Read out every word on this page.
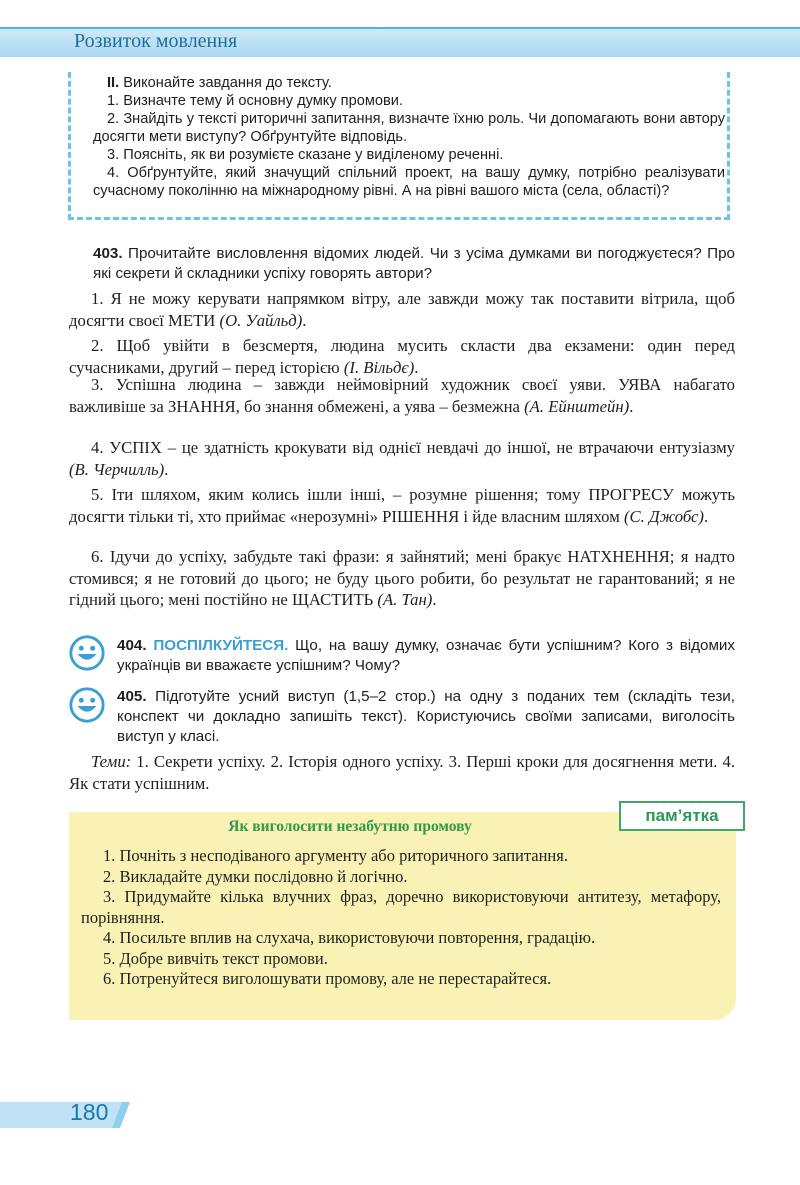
Розвиток мовлення

II. Виконайте завдання до тексту.

1. Визначте тему й основну думку промови.

2. Знайдіть у тексті риторичні запитання, визначте їхню роль. Чи допомагають вони автору досягти мети виступу? Обґрунтуйте відповідь.

3. Поясніть, як ви розумієте сказане у виділеному реченні.

4. Обґрунтуйте, який значущий спільний проект, на вашу думку, потрібно реалізувати сучасному поколінню на міжнародному рівні. А на рівні вашого міста (села, області)?

403. Прочитайте висловлення відомих людей. Чи з усіма думками ви погоджуєтеся? Про які секрети й складники успіху говорять автори?
1. Я не можу керувати напрямком вітру, але завжди можу так поставити вітрила, щоб досягти своєї МЕТИ (О. Уайльд).
2. Щоб увійти в безсмертя, людина мусить скласти два екзамени: один перед сучасниками, другий – перед історією (І. Вільдє).
3. Успішна людина – завжди неймовірний художник своєї уяви. УЯВА набагато важливіше за ЗНАННЯ, бо знання обмежені, а уява – безмежна (А. Ейнштейн).
4. УСПІХ – це здатність крокувати від однієї невдачі до іншої, не втрачаючи ентузіазму (В. Черчилль).
5. Іти шляхом, яким колись ішли інші, – розумне рішення; тому ПРОГРЕСУ можуть досягти тільки ті, хто приймає «нерозумні» РІШЕННЯ і йде власним шляхом (С. Джобс).
6. Ідучи до успіху, забудьте такі фрази: я зайнятий; мені бракує НАТХНЕННЯ; я надто стомився; я не готовий до цього; не буду цього робити, бо результат не гарантований; я не гідний цього; мені постійно не ЩАСТИТЬ (А. Тан).
404. ПОСПІЛКУЙТЕСЯ. Що, на вашу думку, означає бути успішним? Кого з відомих українців ви вважаєте успішним? Чому?
405. Підготуйте усний виступ (1,5–2 стор.) на одну з поданих тем (складіть тези, конспект чи докладно запишіть текст). Користуючись своїми записами, виголосіть виступ у класі.
Теми: 1. Секрети успіху. 2. Історія одного успіху. 3. Перші кроки для досягнення мети. 4. Як стати успішним.
пам’ятка
Як виголосити незабутню промову

1. Почніть з несподіваного аргументу або риторичного запитання.

2. Викладайте думки послідовно й логічно.

3. Придумайте кілька влучних фраз, доречно використовуючи антитезу, метафору, порівняння.

4. Посильте вплив на слухача, використовуючи повторення, градацію.

5. Добре вивчіть текст промови.

6. Потренуйтеся виголошувати промову, але не перестарайтеся.

180
